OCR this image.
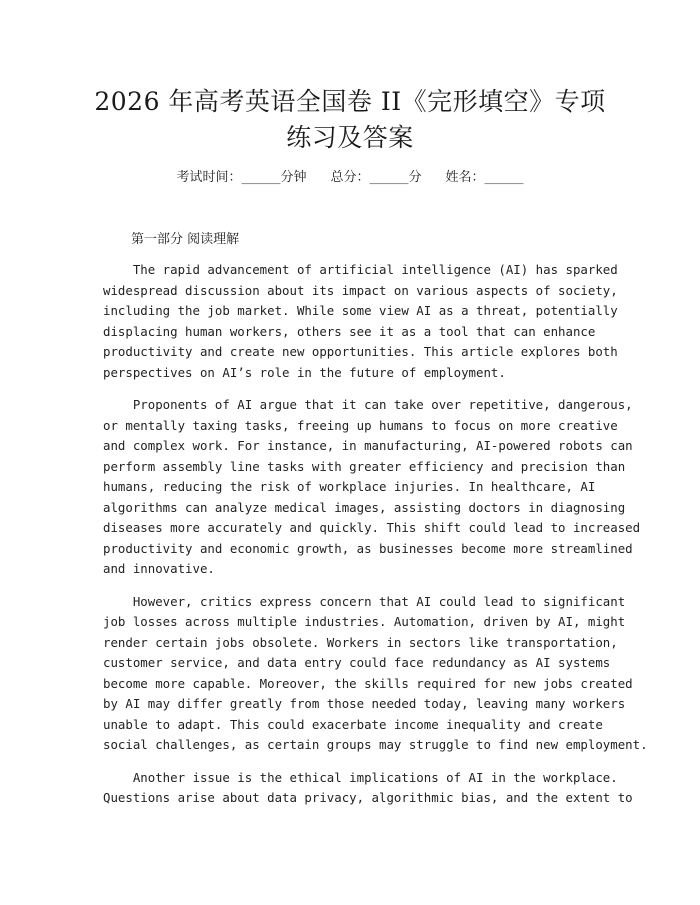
2026 年高考英语全国卷 II《完形填空》专项
练习及答案
考试时间：______分钟 总分：______分 姓名：______
第一部分 阅读理解
The rapid advancement of artificial intelligence (AI) has sparked
widespread discussion about its impact on various aspects of society,
including the job market. While some view AI as a threat, potentially
displacing human workers, others see it as a tool that can enhance
productivity and create new opportunities. This article explores both
perspectives on AI’s role in the future of employment.
Proponents of AI argue that it can take over repetitive, dangerous,
or mentally taxing tasks, freeing up humans to focus on more creative
and complex work. For instance, in manufacturing, AI-powered robots can
perform assembly line tasks with greater efficiency and precision than
humans, reducing the risk of workplace injuries. In healthcare, AI
algorithms can analyze medical images, assisting doctors in diagnosing
diseases more accurately and quickly. This shift could lead to increased
productivity and economic growth, as businesses become more streamlined
and innovative.
However, critics express concern that AI could lead to significant
job losses across multiple industries. Automation, driven by AI, might
render certain jobs obsolete. Workers in sectors like transportation,
customer service, and data entry could face redundancy as AI systems
become more capable. Moreover, the skills required for new jobs created
by AI may differ greatly from those needed today, leaving many workers
unable to adapt. This could exacerbate income inequality and create
social challenges, as certain groups may struggle to find new employment.
Another issue is the ethical implications of AI in the workplace.
Questions arise about data privacy, algorithmic bias, and the extent to
